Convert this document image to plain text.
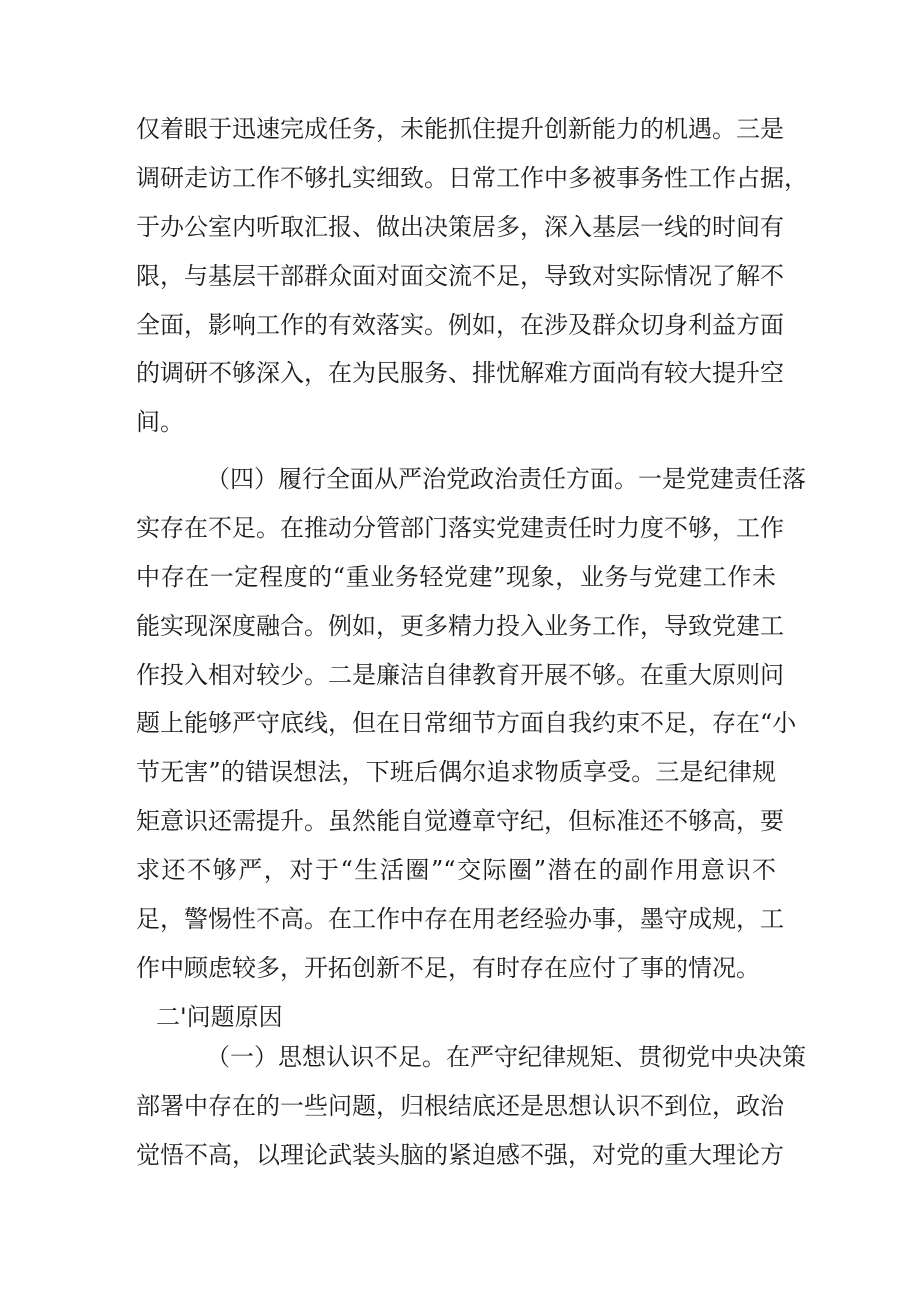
仅着眼于迅速完成任务，未能抓住提升创新能力的机遇。三是
调研走访工作不够扎实细致。日常工作中多被事务性工作占据，
于办公室内听取汇报、做出决策居多，深入基层一线的时间有
限，与基层干部群众面对面交流不足，导致对实际情况了解不
全面，影响工作的有效落实。例如，在涉及群众切身利益方面
的调研不够深入，在为民服务、排忧解难方面尚有较大提升空
间。
（四）履行全面从严治党政治责任方面。一是党建责任落
实存在不足。在推动分管部门落实党建责任时力度不够，工作
中存在一定程度的“重业务轻党建”现象，业务与党建工作未
能实现深度融合。例如，更多精力投入业务工作，导致党建工
作投入相对较少。二是廉洁自律教育开展不够。在重大原则问
题上能够严守底线，但在日常细节方面自我约束不足，存在“小
节无害”的错误想法，下班后偶尔追求物质享受。三是纪律规
矩意识还需提升。虽然能自觉遵章守纪，但标准还不够高，要
求还不够严，对于“生活圈”“交际圈”潜在的副作用意识不
足，警惕性不高。在工作中存在用老经验办事，墨守成规，工
作中顾虑较多，开拓创新不足，有时存在应付了事的情况。
二'问题原因
（一）思想认识不足。在严守纪律规矩、贯彻党中央决策
部署中存在的一些问题，归根结底还是思想认识不到位，政治
觉悟不高，以理论武装头脑的紧迫感不强，对党的重大理论方
